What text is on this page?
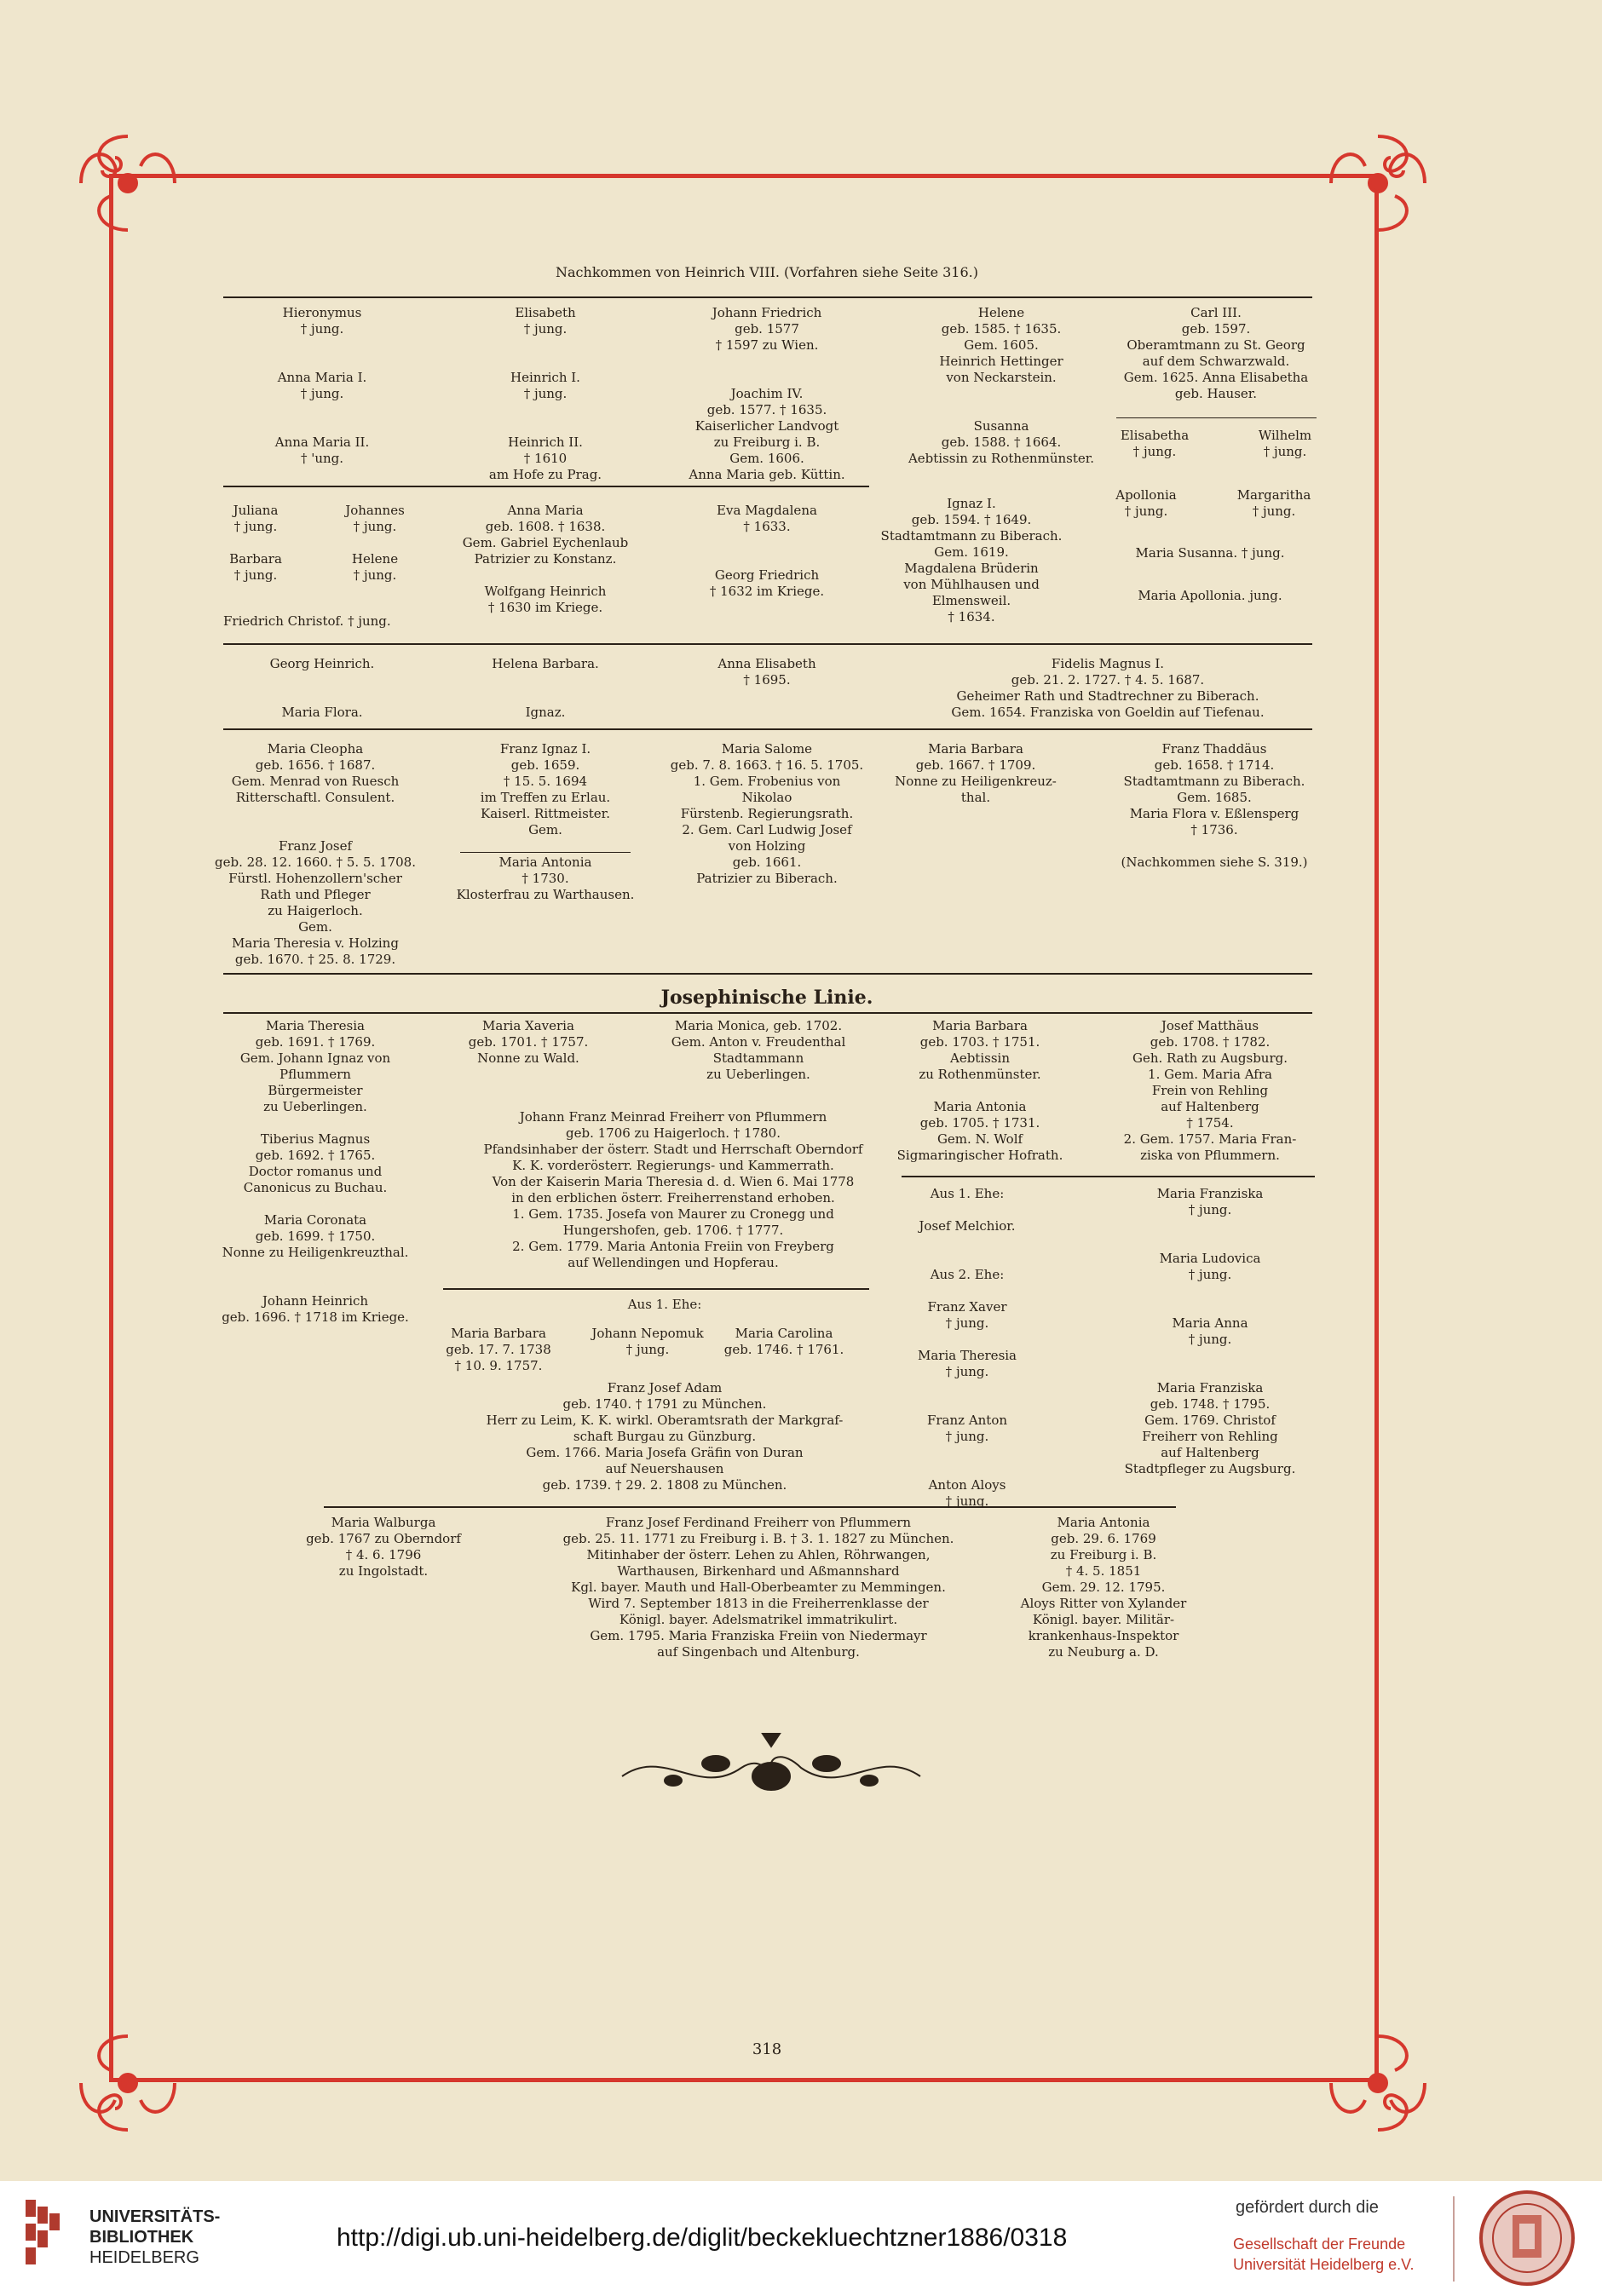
Nachkommen von Heinrich VIII. (Vorfahren siehe Seite 316.)
Hieronymus
† jung.

Anna Maria I.
† jung.

Anna Maria II.
† 'ung.
Elisabeth
† jung.

Heinrich I.
† jung.

Heinrich II.
† 1610
am Hofe zu Prag.
Johann Friedrich
geb. 1577
† 1597 zu Wien.

Joachim IV.
geb. 1577. † 1635.
Kaiserlicher Landvogt
zu Freiburg i. B.
Gem. 1606.
Anna Maria geb. Küttin.
Helene
geb. 1585. † 1635.
Gem. 1605.
Heinrich Hettinger
von Neckarstein.

Susanna
geb. 1588. † 1664.
Aebtissin zu Rothenmünster.
Carl III.
geb. 1597.
Oberamtmann zu St. Georg
auf dem Schwarzwald.
Gem. 1625. Anna Elisabetha
geb. Hauser.
Elisabetha
† jung.
Wilhelm
† jung.
Juliana
† jung.

Barbara
† jung.
Johannes
† jung.

Helene
† jung.
Friedrich Christof. † jung.
Anna Maria
geb. 1608. † 1638.
Gem. Gabriel Eychenlaub
Patrizier zu Konstanz.

Wolfgang Heinrich
† 1630 im Kriege.
Eva Magdalena
† 1633.

Georg Friedrich
† 1632 im Kriege.
Ignaz I.
geb. 1594. † 1649.
Stadtamtmann zu Biberach.
Gem. 1619.
Magdalena Brüderin
von Mühlhausen und
Elmensweil.
† 1634.
Apollonia
† jung.
Margaritha
† jung.
Maria Susanna. † jung.
Maria Apollonia. jung.
Georg Heinrich.

Maria Flora.
Helena Barbara.

Ignaz.
Anna Elisabeth
† 1695.
Fidelis Magnus I.
geb. 21. 2. 1727. † 4. 5. 1687.
Geheimer Rath und Stadtrechner zu Biberach.
Gem. 1654. Franziska von Goeldin auf Tiefenau.
Maria Cleopha
geb. 1656. † 1687.
Gem. Menrad von Ruesch
Ritterschaftl. Consulent.

Franz Josef
geb. 28. 12. 1660. † 5. 5. 1708.
Fürstl. Hohenzollern'scher
Rath und Pfleger
zu Haigerloch.
Gem.
Maria Theresia v. Holzing
geb. 1670. † 25. 8. 1729.
Franz Ignaz I.
geb. 1659.
† 15. 5. 1694
im Treffen zu Erlau.
Kaiserl. Rittmeister.
Gem.

Maria Antonia
† 1730.
Klosterfrau zu Warthausen.
Maria Salome
geb. 7. 8. 1663. † 16. 5. 1705.
1. Gem. Frobenius von
Nikolao
Fürstenb. Regierungsrath.
2. Gem. Carl Ludwig Josef
von Holzing
geb. 1661.
Patrizier zu Biberach.
Maria Barbara
geb. 1667. † 1709.
Nonne zu Heiligenkreuz-
thal.
Franz Thaddäus
geb. 1658. † 1714.
Stadtamtmann zu Biberach.
Gem. 1685.
Maria Flora v. Eßlensperg
† 1736.

(Nachkommen siehe S. 319.)
Josephinische Linie.
Maria Theresia
geb. 1691. † 1769.
Gem. Johann Ignaz von
Pflummern
Bürgermeister
zu Ueberlingen.

Tiberius Magnus
geb. 1692. † 1765.
Doctor romanus und
Canonicus zu Buchau.

Maria Coronata
geb. 1699. † 1750.
Nonne zu Heiligenkreuzthal.

Johann Heinrich
geb. 1696. † 1718 im Kriege.
Maria Xaveria
geb. 1701. † 1757.
Nonne zu Wald.
Maria Monica, geb. 1702.
Gem. Anton v. Freudenthal
Stadtammann
zu Ueberlingen.
Maria Barbara
geb. 1703. † 1751.
Aebtissin
zu Rothenmünster.

Maria Antonia
geb. 1705. † 1731.
Gem. N. Wolf
Sigmaringischer Hofrath.
Josef Matthäus
geb. 1708. † 1782.
Geh. Rath zu Augsburg.
1. Gem. Maria Afra
Frein von Rehling
auf Haltenberg
† 1754.
2. Gem. 1757. Maria Fran-
ziska von Pflummern.
Johann Franz Meinrad Freiherr von Pflummern
geb. 1706 zu Haigerloch. † 1780.
Pfandsinhaber der österr. Stadt und Herrschaft Oberndorf
K. K. vorderösterr. Regierungs- und Kammerrath.
Von der Kaiserin Maria Theresia d. d. Wien 6. Mai 1778
in den erblichen österr. Freiherrenstand erhoben.
1. Gem. 1735. Josefa von Maurer zu Cronegg und
Hungershofen, geb. 1706. † 1777.
2. Gem. 1779. Maria Antonia Freiin von Freyberg
auf Wellendingen und Hopferau.
Aus 1. Ehe:
Maria Barbara
geb. 17. 7. 1738
† 10. 9. 1757.
Johann Nepomuk
† jung.
Maria Carolina
geb. 1746. † 1761.
Franz Josef Adam
geb. 1740. † 1791 zu München.
Herr zu Leim, K. K. wirkl. Oberamtsrath der Markgraf-
schaft Burgau zu Günzburg.
Gem. 1766. Maria Josefa Gräfin von Duran
auf Neuershausen
geb. 1739. † 29. 2. 1808 zu München.
Aus 1. Ehe:

Josef Melchior.

Aus 2. Ehe:

Franz Xaver
† jung.

Maria Theresia
† jung.

Franz Anton
† jung.

Anton Aloys
† jung.
Maria Franziska
† jung.

Maria Ludovica
† jung.

Maria Anna
† jung.

Maria Franziska
geb. 1748. † 1795.
Gem. 1769. Christof
Freiherr von Rehling
auf Haltenberg
Stadtpfleger zu Augsburg.
Maria Walburga
geb. 1767 zu Oberndorf
† 4. 6. 1796
zu Ingolstadt.
Franz Josef Ferdinand Freiherr von Pflummern
geb. 25. 11. 1771 zu Freiburg i. B. † 3. 1. 1827 zu München.
Mitinhaber der österr. Lehen zu Ahlen, Röhrwangen,
Warthausen, Birkenhard und Aßmannshard
Kgl. bayer. Mauth und Hall-Oberbeamter zu Memmingen.
Wird 7. September 1813 in die Freiherrenklasse der
Königl. bayer. Adelsmatrikel immatrikulirt.
Gem. 1795. Maria Franziska Freiin von Niedermayr
auf Singenbach und Altenburg.
Maria Antonia
geb. 29. 6. 1769
zu Freiburg i. B.
† 4. 5. 1851
Gem. 29. 12. 1795.
Aloys Ritter von Xylander
Königl. bayer. Militär-
krankenhaus-Inspektor
zu Neuburg a. D.
318
UNIVERSITÄTS-
BIBLIOTHEK
HEIDELBERG
http://digi.ub.uni-heidelberg.de/diglit/beckekluechtzner1886/0318
gefördert durch die
Gesellschaft der Freunde
Universität Heidelberg e.V.
